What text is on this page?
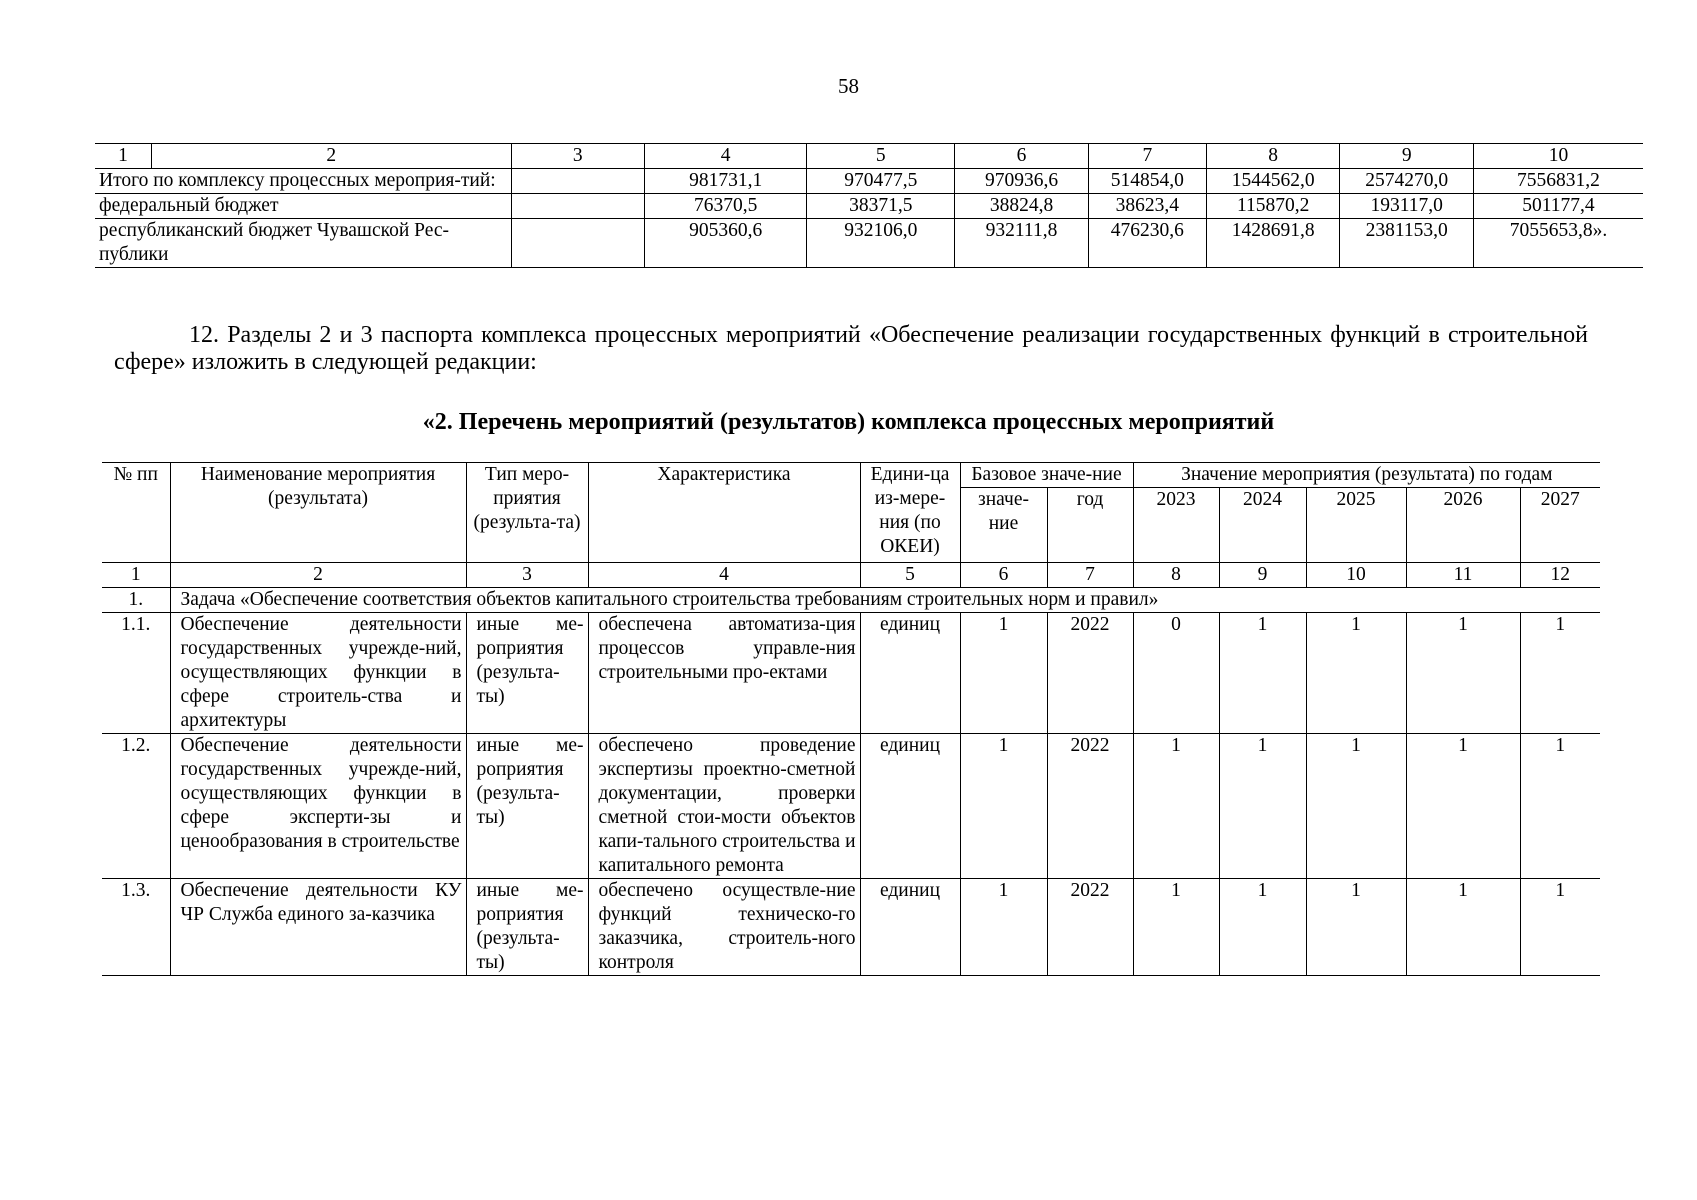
58
1	2	3	4	5	6	7	8	9	10
Итого по комплексу процессных мероприя-тий:			981731,1	970477,5	970936,6	514854,0	1544562,0	2574270,0	7556831,2
федеральный бюджет			76370,5	38371,5	38824,8	38623,4	115870,2	193117,0	501177,4
республиканский бюджет Чувашской Рес-публики			905360,6	932106,0	932111,8	476230,6	1428691,8	2381153,0	7055653,8».
12. Разделы 2 и 3 паспорта комплекса процессных мероприятий «Обеспечение реализации государственных функций в строительной сфере» изложить в следующей редакции:
«2. Перечень мероприятий (результатов) комплекса процессных мероприятий
№ пп	Наименование мероприятия (результата)	Тип меро-приятия (результа-та)	Характеристика	Едини-ца из-мере-ния (по ОКЕИ)	Базовое значе-ние		Значение мероприятия (результата) по годам				
					значе-ние	год	2023	2024	2025	2026	2027
1	2	3	4	5	6	7	8	9	10	11	12
1.	Задача «Обеспечение соответствия объектов капитального строительства требованиям строительных норм и правил»										
1.1.	Обеспечение деятельности государственных учрежде-ний, осуществляющих функции в сфере строитель-ства и архитектуры	иные ме-роприятия (результа-ты)	обеспечена автоматиза-ция процессов управле-ния строительными про-ектами	единиц	1	2022	0	1	1	1	1
1.2.	Обеспечение деятельности государственных учрежде-ний, осуществляющих функции в сфере эксперти-зы и ценообразования в строительстве	иные ме-роприятия (результа-ты)	обеспечено проведение экспертизы проектно-сметной документации, проверки сметной стои-мости объектов капи-тального строительства и капитального ремонта	единиц	1	2022	1	1	1	1	1
1.3.	Обеспечение деятельности КУ ЧР Служба единого за-казчика	иные ме-роприятия (результа-ты)	обеспечено осуществле-ние функций техническо-го заказчика, строитель-ного контроля	единиц	1	2022	1	1	1	1	1
